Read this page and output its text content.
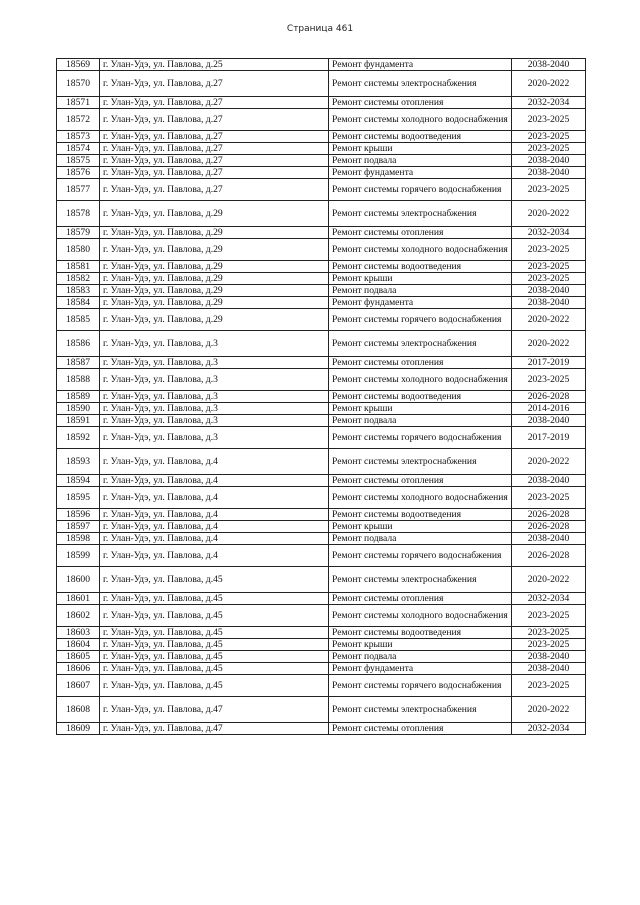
Страница 461
18569	г. Улан-Удэ, ул. Павлова, д.25	Ремонт фундамента	2038-2040
18570	г. Улан-Удэ, ул. Павлова, д.27	Ремонт системы электроснабжения	2020-2022
18571	г. Улан-Удэ, ул. Павлова, д.27	Ремонт системы отопления	2032-2034
18572	г. Улан-Удэ, ул. Павлова, д.27	Ремонт системы холодного водоснабжения	2023-2025
18573	г. Улан-Удэ, ул. Павлова, д.27	Ремонт системы водоотведения	2023-2025
18574	г. Улан-Удэ, ул. Павлова, д.27	Ремонт крыши	2023-2025
18575	г. Улан-Удэ, ул. Павлова, д.27	Ремонт подвала	2038-2040
18576	г. Улан-Удэ, ул. Павлова, д.27	Ремонт фундамента	2038-2040
18577	г. Улан-Удэ, ул. Павлова, д.27	Ремонт системы горячего водоснабжения	2023-2025
18578	г. Улан-Удэ, ул. Павлова, д.29	Ремонт системы электроснабжения	2020-2022
18579	г. Улан-Удэ, ул. Павлова, д.29	Ремонт системы отопления	2032-2034
18580	г. Улан-Удэ, ул. Павлова, д.29	Ремонт системы холодного водоснабжения	2023-2025
18581	г. Улан-Удэ, ул. Павлова, д.29	Ремонт системы водоотведения	2023-2025
18582	г. Улан-Удэ, ул. Павлова, д.29	Ремонт крыши	2023-2025
18583	г. Улан-Удэ, ул. Павлова, д.29	Ремонт подвала	2038-2040
18584	г. Улан-Удэ, ул. Павлова, д.29	Ремонт фундамента	2038-2040
18585	г. Улан-Удэ, ул. Павлова, д.29	Ремонт системы горячего водоснабжения	2020-2022
18586	г. Улан-Удэ, ул. Павлова, д.3	Ремонт системы электроснабжения	2020-2022
18587	г. Улан-Удэ, ул. Павлова, д.3	Ремонт системы отопления	2017-2019
18588	г. Улан-Удэ, ул. Павлова, д.3	Ремонт системы холодного водоснабжения	2023-2025
18589	г. Улан-Удэ, ул. Павлова, д.3	Ремонт системы водоотведения	2026-2028
18590	г. Улан-Удэ, ул. Павлова, д.3	Ремонт крыши	2014-2016
18591	г. Улан-Удэ, ул. Павлова, д.3	Ремонт подвала	2038-2040
18592	г. Улан-Удэ, ул. Павлова, д.3	Ремонт системы горячего водоснабжения	2017-2019
18593	г. Улан-Удэ, ул. Павлова, д.4	Ремонт системы электроснабжения	2020-2022
18594	г. Улан-Удэ, ул. Павлова, д.4	Ремонт системы отопления	2038-2040
18595	г. Улан-Удэ, ул. Павлова, д.4	Ремонт системы холодного водоснабжения	2023-2025
18596	г. Улан-Удэ, ул. Павлова, д.4	Ремонт системы водоотведения	2026-2028
18597	г. Улан-Удэ, ул. Павлова, д.4	Ремонт крыши	2026-2028
18598	г. Улан-Удэ, ул. Павлова, д.4	Ремонт подвала	2038-2040
18599	г. Улан-Удэ, ул. Павлова, д.4	Ремонт системы горячего водоснабжения	2026-2028
18600	г. Улан-Удэ, ул. Павлова, д.45	Ремонт системы электроснабжения	2020-2022
18601	г. Улан-Удэ, ул. Павлова, д.45	Ремонт системы отопления	2032-2034
18602	г. Улан-Удэ, ул. Павлова, д.45	Ремонт системы холодного водоснабжения	2023-2025
18603	г. Улан-Удэ, ул. Павлова, д.45	Ремонт системы водоотведения	2023-2025
18604	г. Улан-Удэ, ул. Павлова, д.45	Ремонт крыши	2023-2025
18605	г. Улан-Удэ, ул. Павлова, д.45	Ремонт подвала	2038-2040
18606	г. Улан-Удэ, ул. Павлова, д.45	Ремонт фундамента	2038-2040
18607	г. Улан-Удэ, ул. Павлова, д.45	Ремонт системы горячего водоснабжения	2023-2025
18608	г. Улан-Удэ, ул. Павлова, д.47	Ремонт системы электроснабжения	2020-2022
18609	г. Улан-Удэ, ул. Павлова, д.47	Ремонт системы отопления	2032-2034
